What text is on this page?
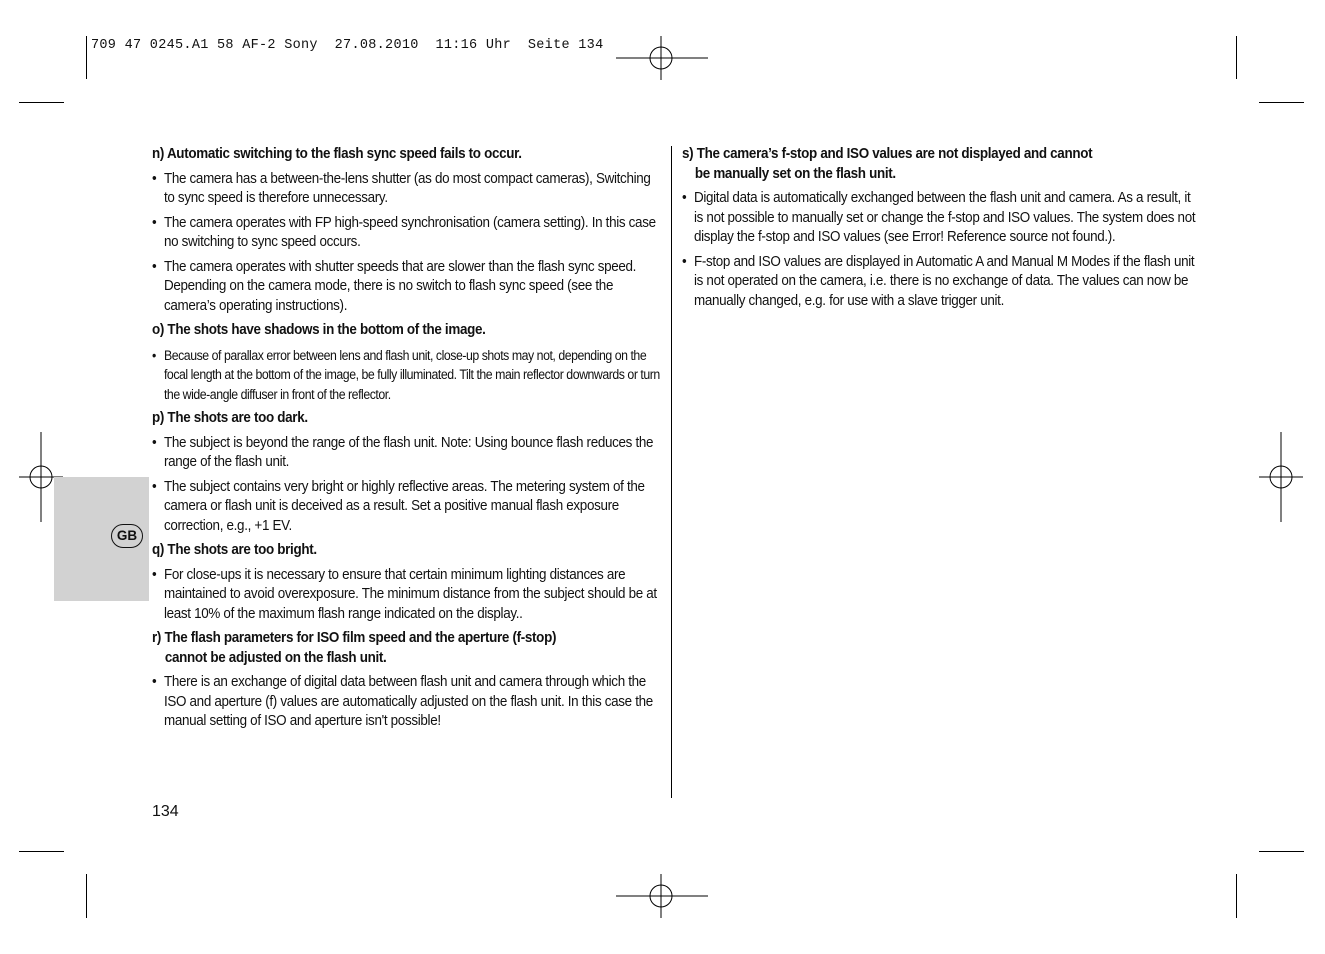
709 47 0245.A1 58 AF-2 Sony  27.08.2010  11:16 Uhr  Seite 134
GB
n) Automatic switching to the flash sync speed fails to occur.
• The camera has a between-the-lens shutter (as do most compact cameras), Switching to sync speed is therefore unnecessary.
• The camera operates with FP high-speed synchronisation (camera setting). In this case no switching to sync speed occurs.
• The camera operates with shutter speeds that are slower than the flash sync speed. Depending on the camera mode, there is no switch to flash sync speed (see the camera’s operating instructions).
o) The shots have shadows in the bottom of the image.
• Because of parallax error between lens and flash unit, close-up shots may not, depending on the focal length at the bottom of the image, be fully illuminated. Tilt the main reflector downwards or turn the wide-angle diffuser in front of the reflector.
p) The shots are too dark.
• The subject is beyond the range of the flash unit. Note: Using bounce flash reduces the range of the flash unit.
• The subject contains very bright or highly reflective areas. The metering system of the camera or flash unit is deceived as a result. Set a positive manual flash exposure correction, e.g., +1 EV.
q) The shots are too bright.
• For close-ups it is necessary to ensure that certain minimum lighting distances are maintained to avoid overexposure. The minimum distance from the subject should be at least 10% of the maximum flash range indicated on the display..
r) The flash parameters for ISO film speed and the aperture (f-stop)
cannot be adjusted on the flash unit.
• There is an exchange of digital data between flash unit and camera through which the ISO and aperture (f) values are automatically adjusted on the flash unit. In this case the manual setting of ISO and aperture isn't possible!
s) The camera’s f-stop and ISO values are not displayed and cannot
be manually set on the flash unit.
• Digital data is automatically exchanged between the flash unit and camera. As a result, it is not possible to manually set or change the f-stop and ISO values. The system does not display the f-stop and ISO values (see Error! Reference source not found.).
• F-stop and ISO values are displayed in Automatic A and Manual M Modes if the flash unit is not operated on the camera, i.e. there is no exchange of data. The values can now be manually changed, e.g. for use with a slave trigger unit.
134
